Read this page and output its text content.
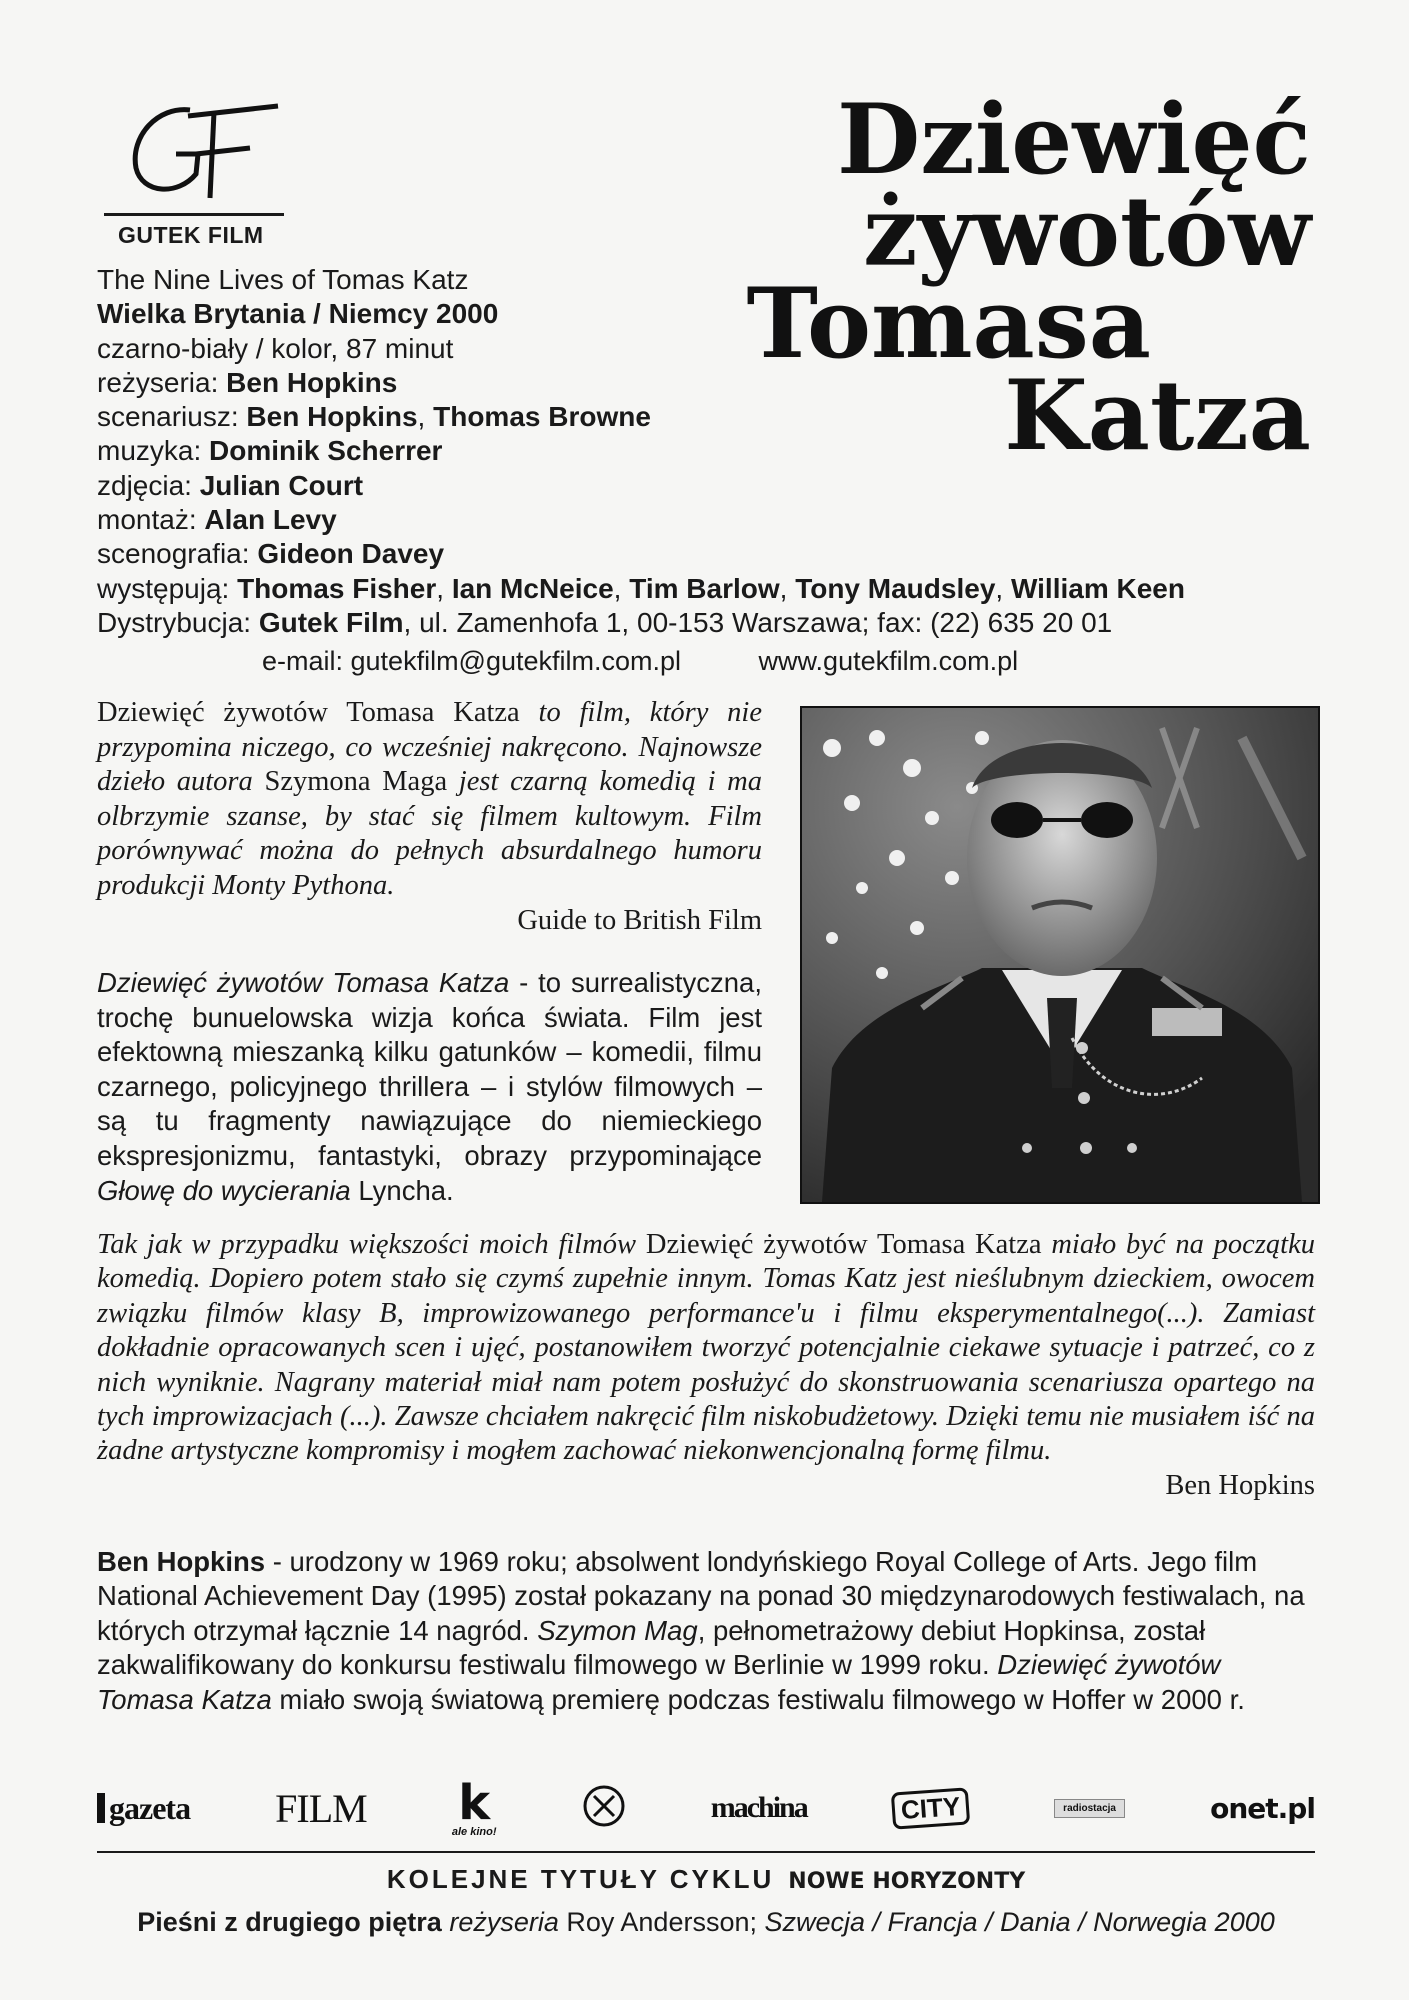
GUTEK FILM
Dziewięć
żywotów
Tomasa
Katza
The Nine Lives of Tomas Katz
Wielka Brytania / Niemcy 2000
czarno-biały / kolor, 87 minut
reżyseria: Ben Hopkins
scenariusz: Ben Hopkins, Thomas Browne
muzyka: Dominik Scherrer
zdjęcia: Julian Court
montaż: Alan Levy
scenografia: Gideon Davey
występują: Thomas Fisher, Ian McNeice, Tim Barlow, Tony Maudsley, William Keen
Dystrybucja: Gutek Film, ul. Zamenhofa 1, 00-153 Warszawa; fax: (22) 635 20 01
e-mail: gutekfilm@gutekfilm.com.pl	www.gutekfilm.com.pl
Dziewięć żywotów Tomasa Katza to film, który nie przypomina niczego, co wcześniej nakręcono. Najnowsze dzieło autora Szymona Maga jest czarną komedią i ma olbrzymie szanse, by stać się filmem kultowym. Film porównywać można do pełnych absurdalnego humoru produkcji Monty Pythona.
Guide to British Film
Dziewięć żywotów Tomasa Katza - to surrealistyczna, trochę bunuelowska wizja końca świata. Film jest efektowną mieszanką kilku gatunków – komedii, filmu czarnego, policyjnego thrillera – i stylów filmowych – są tu fragmenty nawiązujące do niemieckiego ekspresjonizmu, fantastyki, obrazy przypominające Głowę do wycierania Lyncha.
Tak jak w przypadku większości moich filmów Dziewięć żywotów Tomasa Katza miało być na początku komedią. Dopiero potem stało się czymś zupełnie innym. Tomas Katz jest nieślubnym dzieckiem, owocem związku filmów klasy B, improwizowanego performance'u i filmu eksperymentalnego(...). Zamiast dokładnie opracowanych scen i ujęć, postanowiłem tworzyć potencjalnie ciekawe sytuacje i patrzeć, co z nich wyniknie. Nagrany materiał miał nam potem posłużyć do skonstruowania scenariusza opartego na tych improwizacjach (...). Zawsze chciałem nakręcić film niskobudżetowy. Dzięki temu nie musiałem iść na żadne artystyczne kompromisy i mogłem zachować niekonwencjonalną formę filmu.
Ben Hopkins
Ben Hopkins - urodzony w 1969 roku; absolwent londyńskiego Royal College of Arts. Jego film National Achievement Day (1995) został pokazany na ponad 30 międzynarodowych festiwalach, na których otrzymał łącznie 14 nagród. Szymon Mag, pełnometrażowy debiut Hopkinsa, został zakwalifikowany do konkursu festiwalu filmowego w Berlinie w 1999 roku. Dziewięć żywotów Tomasa Katza miało swoją światową premierę podczas festiwalu filmowego w Hoffer w 2000 r.
gazeta FILM k
ale kino!
machina	CITY	radiostacja	onet.pl
KOLEJNE TYTUŁY CYKLU NOWE HORYZONTY
Pieśni z drugiego piętra reżyseria Roy Andersson; Szwecja / Francja / Dania / Norwegia 2000
